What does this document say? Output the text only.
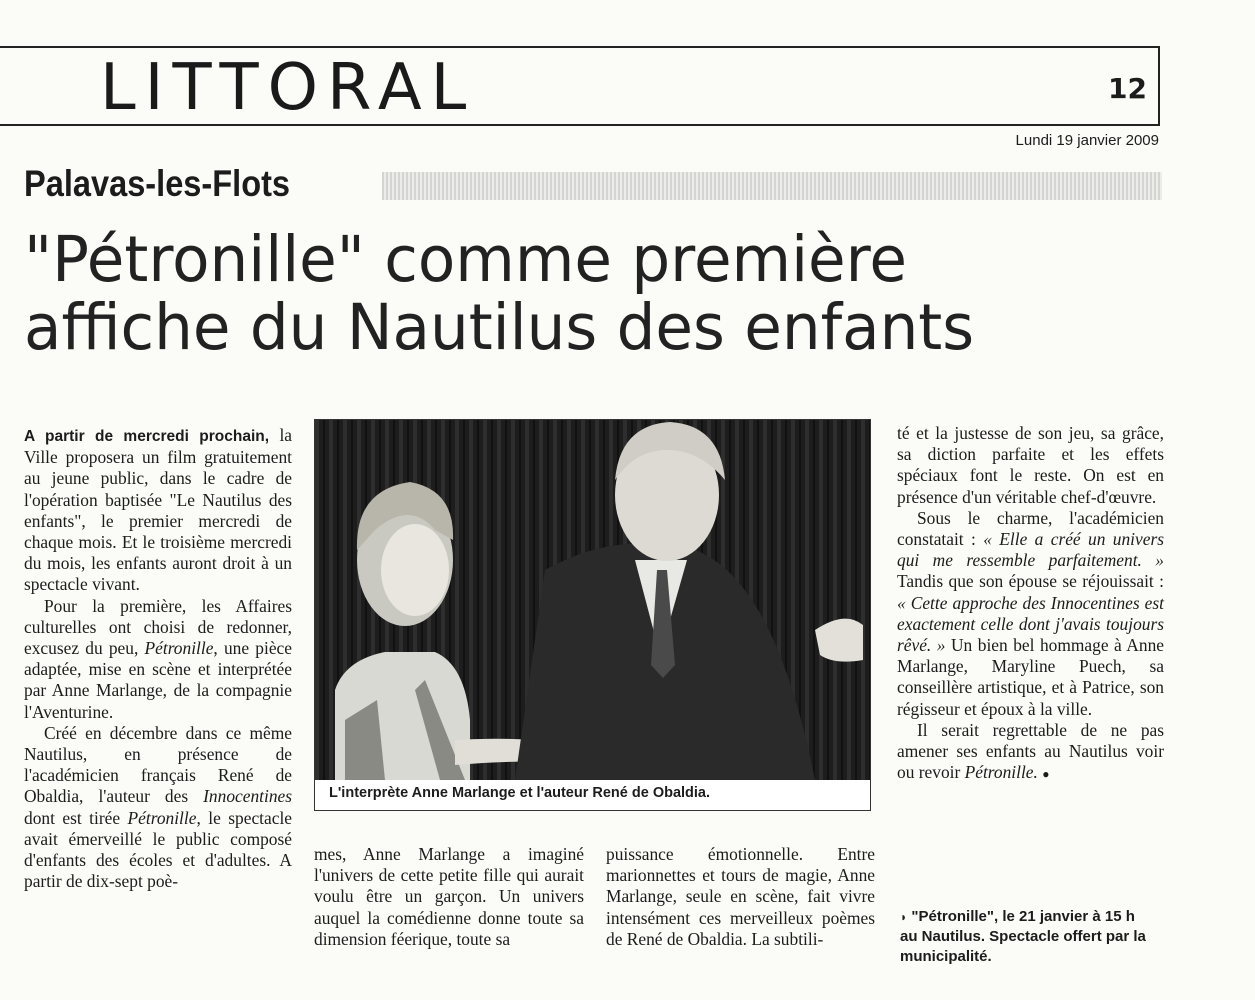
LITTORAL	12
Lundi 19 janvier 2009
Palavas-les-Flots
"Pétronille" comme première
affiche du Nautilus des enfants

A partir de mercredi prochain, la Ville proposera un film gratuitement au jeune public, dans le cadre de l'opération baptisée "Le Nautilus des enfants", le premier mercredi de chaque mois. Et le troisième mercredi du mois, les enfants auront droit à un spectacle vivant.

Pour la première, les Affaires culturelles ont choisi de redonner, excusez du peu, Pétronille, une pièce adaptée, mise en scène et interprétée par Anne Marlange, de la compagnie l'Aventurine.

Créé en décembre dans ce même Nautilus, en présence de l'académicien français René de Obaldia, l'auteur des Innocentines dont est tirée Pétronille, le spectacle avait émerveillé le public composé d'enfants des écoles et d'adultes. A partir de dix-sept poè-

L'interprète Anne Marlange et l'auteur René de Obaldia.

mes, Anne Marlange a imaginé l'univers de cette petite fille qui aurait voulu être un garçon. Un univers auquel la comédienne donne toute sa dimension féerique, toute sa

puissance émotionnelle. Entre marionnettes et tours de magie, Anne Marlange, seule en scène, fait vivre intensément ces merveilleux poèmes de René de Obaldia. La subtili-

té et la justesse de son jeu, sa grâce, sa diction parfaite et les effets spéciaux font le reste. On est en présence d'un véritable chef-d'œuvre.

Sous le charme, l'académicien constatait : « Elle a créé un univers qui me ressemble parfaitement. » Tandis que son épouse se réjouissait : « Cette approche des Innocentines est exactement celle dont j'avais toujours rêvé. » Un bien bel hommage à Anne Marlange, Maryline Puech, sa conseillère artistique, et à Patrice, son régisseur et époux à la ville.

Il serait regrettable de ne pas amener ses enfants au Nautilus voir ou revoir Pétronille. ●

◗ "Pétronille", le 21 janvier à 15 h au Nautilus. Spectacle offert par la municipalité.
